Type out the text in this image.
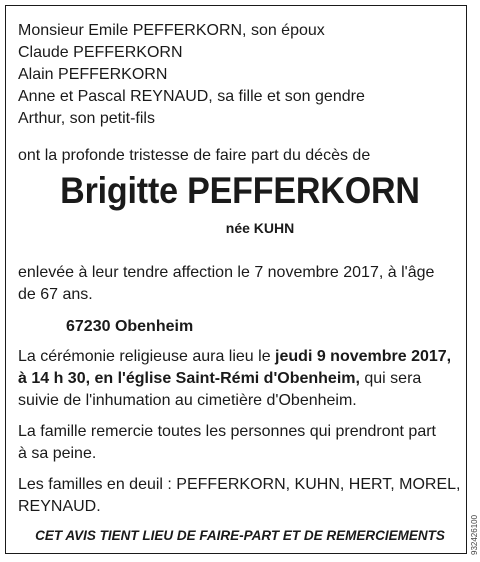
Monsieur Emile PEFFERKORN, son époux
Claude PEFFERKORN
Alain PEFFERKORN
Anne et Pascal REYNAUD, sa fille et son gendre
Arthur, son petit-fils
ont la profonde tristesse de faire part du décès de
Brigitte PEFFERKORN
née KUHN
enlevée à leur tendre affection le 7 novembre 2017, à l'âge
de 67 ans.
67230 Obenheim
La cérémonie religieuse aura lieu le jeudi 9 novembre 2017,
à 14 h 30, en l'église Saint-Rémi d'Obenheim, qui sera
suivie de l'inhumation au cimetière d'Obenheim.
La famille remercie toutes les personnes qui prendront part
à sa peine.
Les familles en deuil : PEFFERKORN, KUHN, HERT, MOREL,
REYNAUD.
CET AVIS TIENT LIEU DE FAIRE-PART ET DE REMERCIEMENTS	932426100
